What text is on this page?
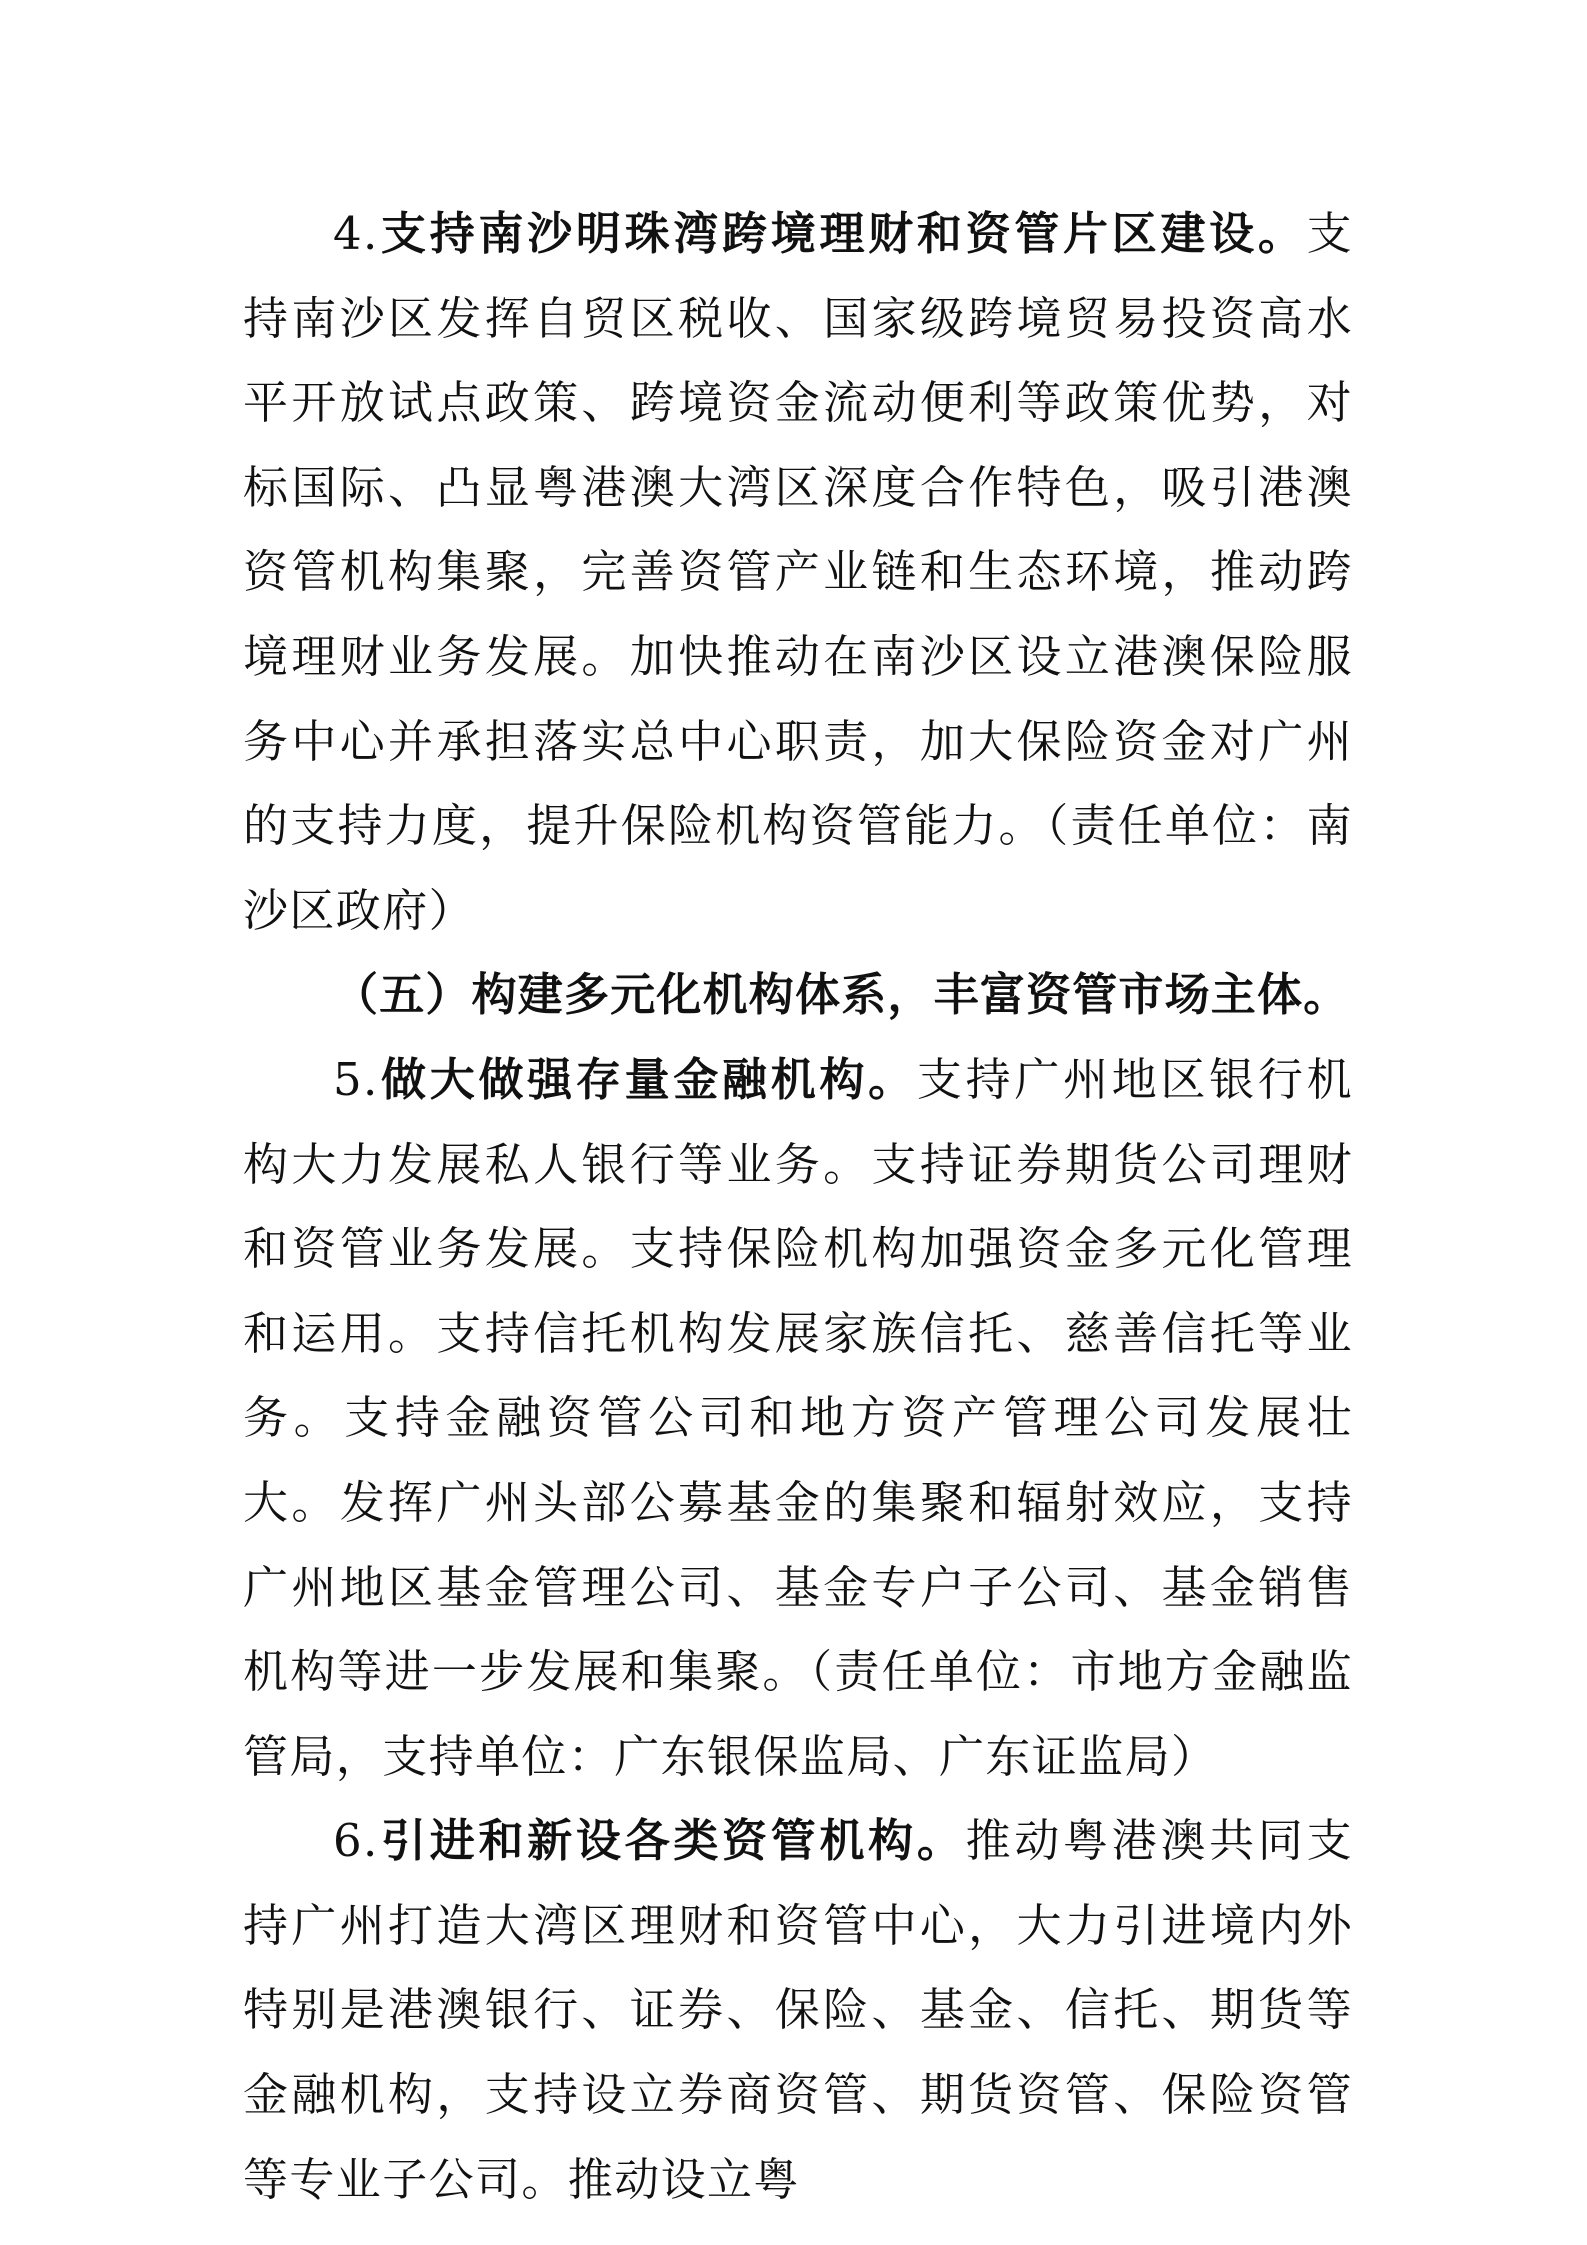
4.支持南沙明珠湾跨境理财和资管片区建设。支持南沙区发挥自贸区税收、国家级跨境贸易投资高水平开放试点政策、跨境资金流动便利等政策优势，对标国际、凸显粤港澳大湾区深度合作特色，吸引港澳资管机构集聚，完善资管产业链和生态环境，推动跨境理财业务发展。加快推动在南沙区设立港澳保险服务中心并承担落实总中心职责，加大保险资金对广州的支持力度，提升保险机构资管能力。（责任单位：南沙区政府）

（五）构建多元化机构体系，丰富资管市场主体。

5.做大做强存量金融机构。支持广州地区银行机构大力发展私人银行等业务。支持证券期货公司理财和资管业务发展。支持保险机构加强资金多元化管理和运用。支持信托机构发展家族信托、慈善信托等业务。支持金融资管公司和地方资产管理公司发展壮大。发挥广州头部公募基金的集聚和辐射效应，支持广州地区基金管理公司、基金专户子公司、基金销售机构等进一步发展和集聚。（责任单位：市地方金融监管局，支持单位：广东银保监局、广东证监局）

6.引进和新设各类资管机构。推动粤港澳共同支持广州打造大湾区理财和资管中心，大力引进境内外特别是港澳银行、证券、保险、基金、信托、期货等金融机构，支持设立券商资管、期货资管、保险资管等专业子公司。推动设立粤
